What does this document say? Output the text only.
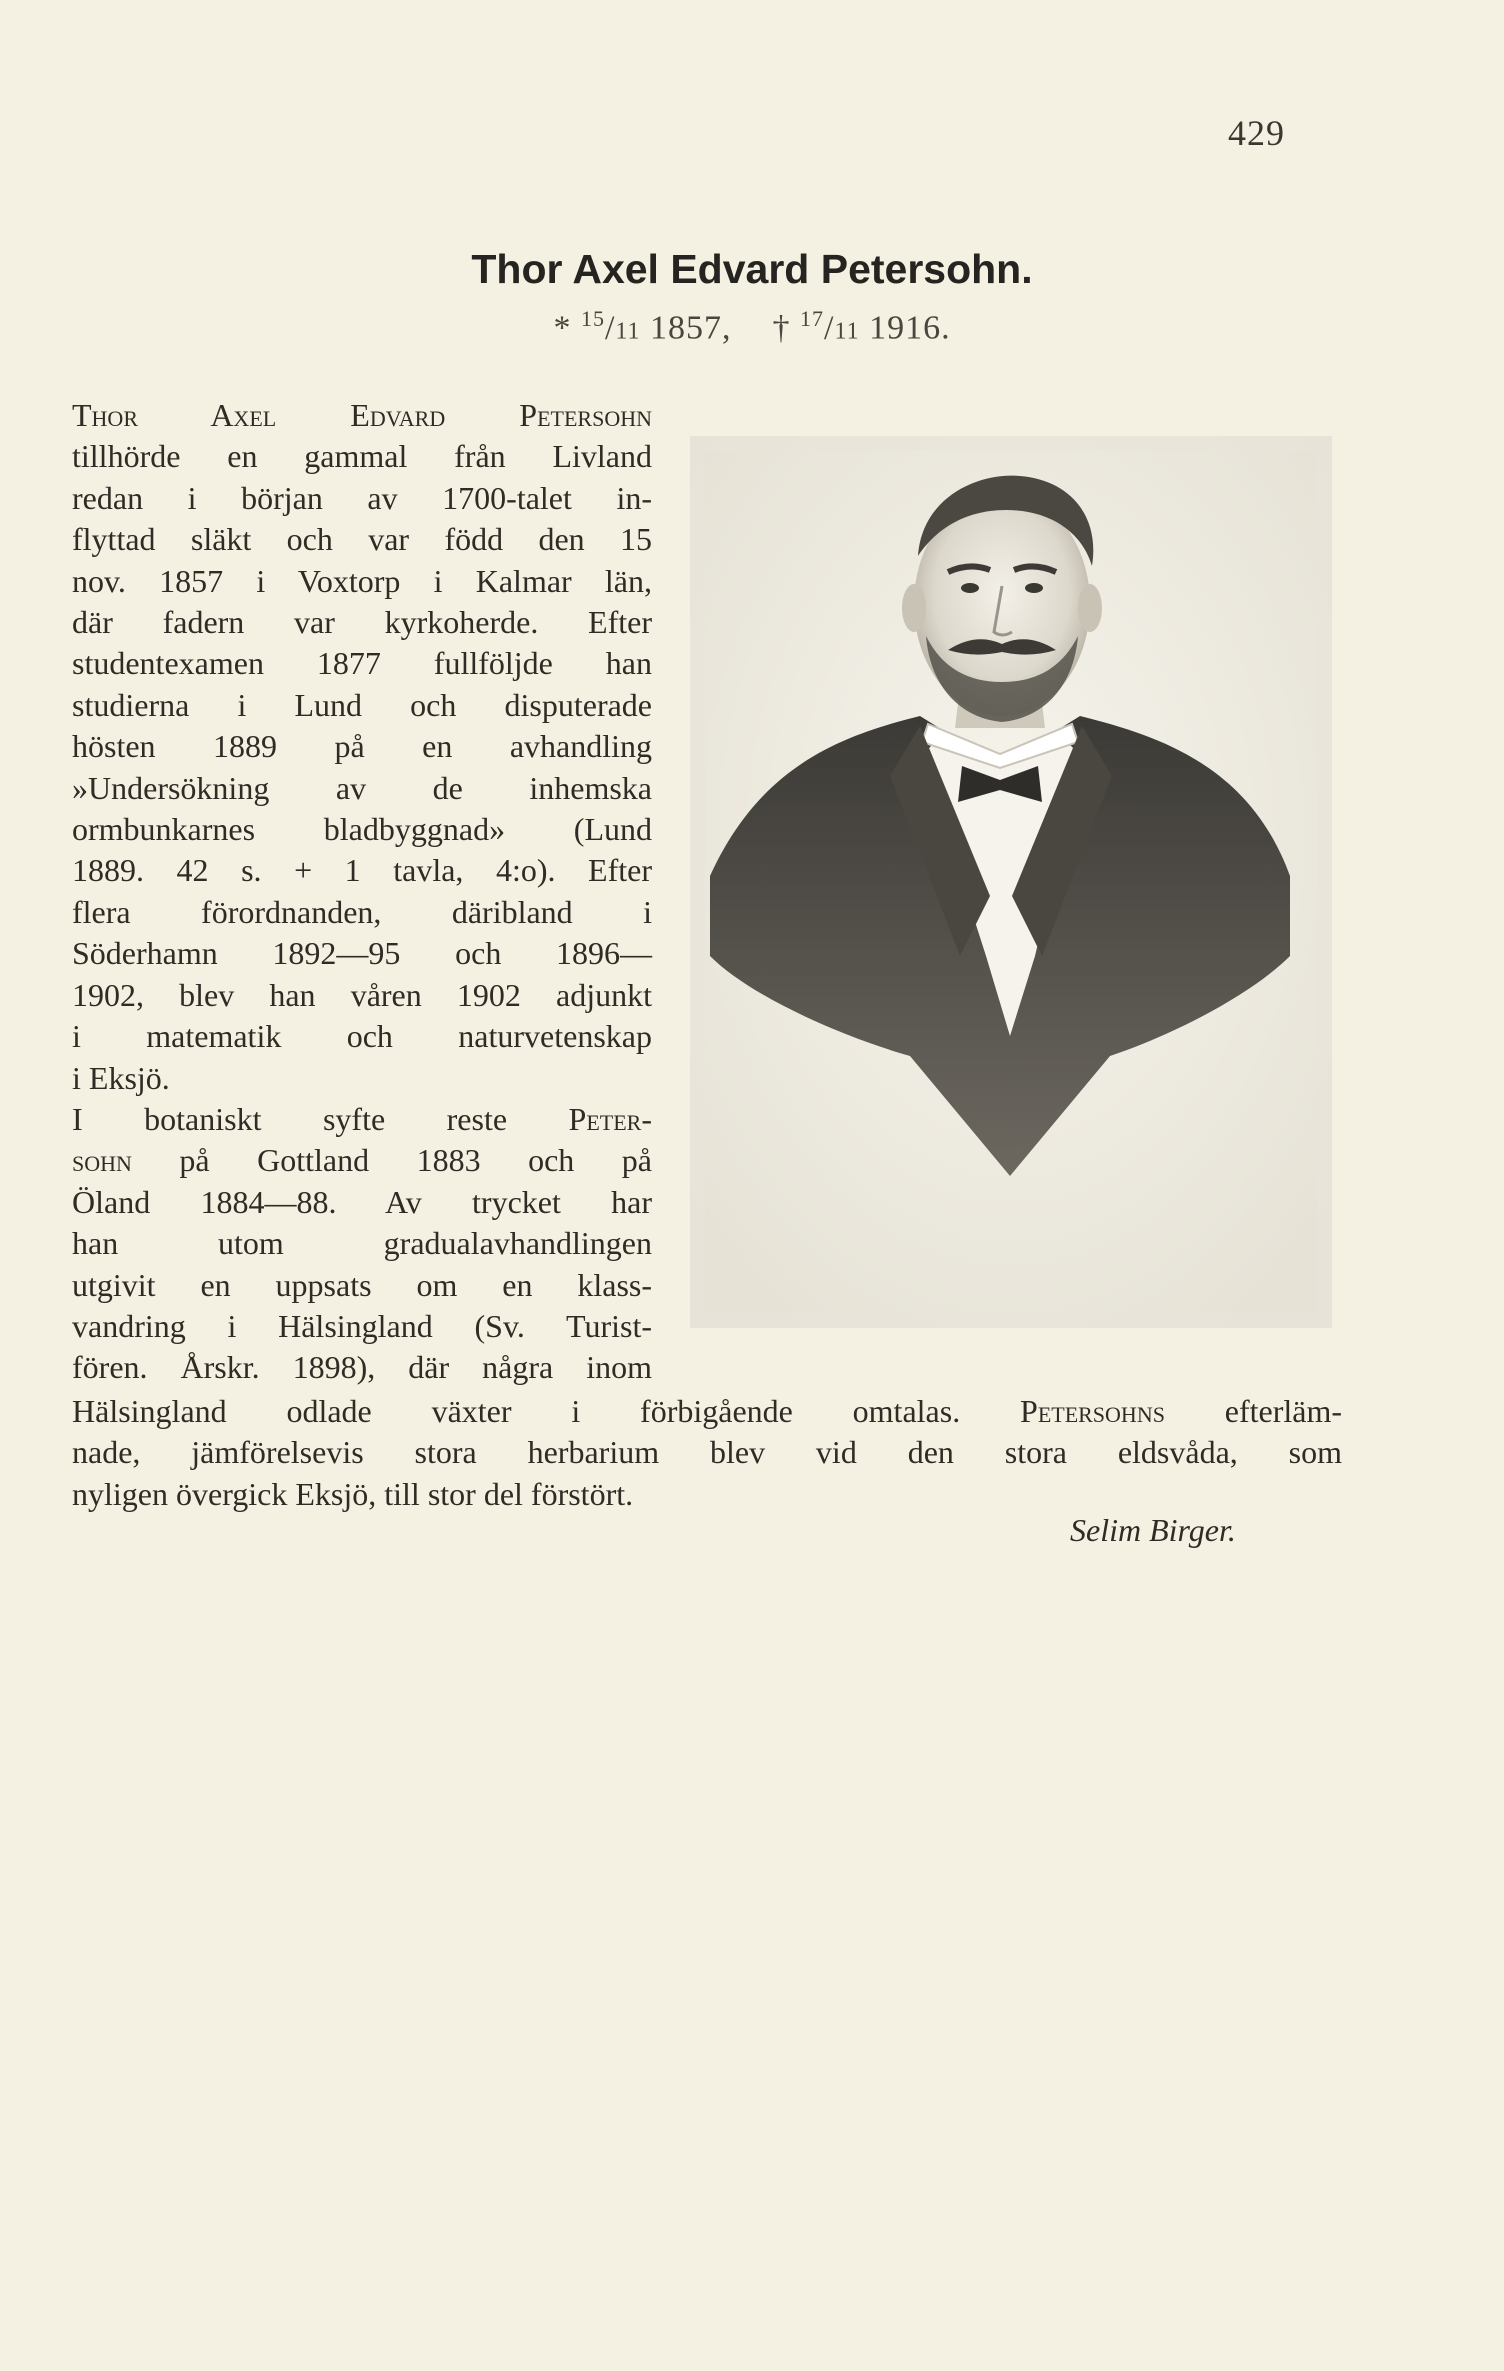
429
Thor Axel Edvard Petersohn.
* $^{15}$/11 1857, † $^{17}$/11 1916.
Thor Axel Edvard Petersohn
tillhörde en gammal från Livland
redan i början av 1700-talet in-
flyttad släkt och var född den 15
nov. 1857 i Voxtorp i Kalmar län,
där fadern var kyrkoherde. Efter
studentexamen 1877 fullföljde han
studierna i Lund och disputerade
hösten 1889 på en avhandling
»Undersökning av de inhemska
ormbunkarnes bladbyggnad» (Lund
1889. 42 s. + 1 tavla, 4:o). Efter
flera förordnanden, däribland i
Söderhamn 1892—95 och 1896—
1902, blev han våren 1902 adjunkt
i matematik och naturvetenskap
i Eksjö.
I botaniskt syfte reste Peter-
sohn på Gottland 1883 och på
Öland 1884—88. Av trycket har
han utom gradualavhandlingen
utgivit en uppsats om en klass-
vandring i Hälsingland (Sv. Turist-
fören. Årskr. 1898), där några inom
Hälsingland odlade växter i förbigående omtalas. Petersohns efterläm-
nade, jämförelsevis stora herbarium blev vid den stora eldsvåda, som
nyligen övergick Eksjö, till stor del förstört.
Selim Birger.
